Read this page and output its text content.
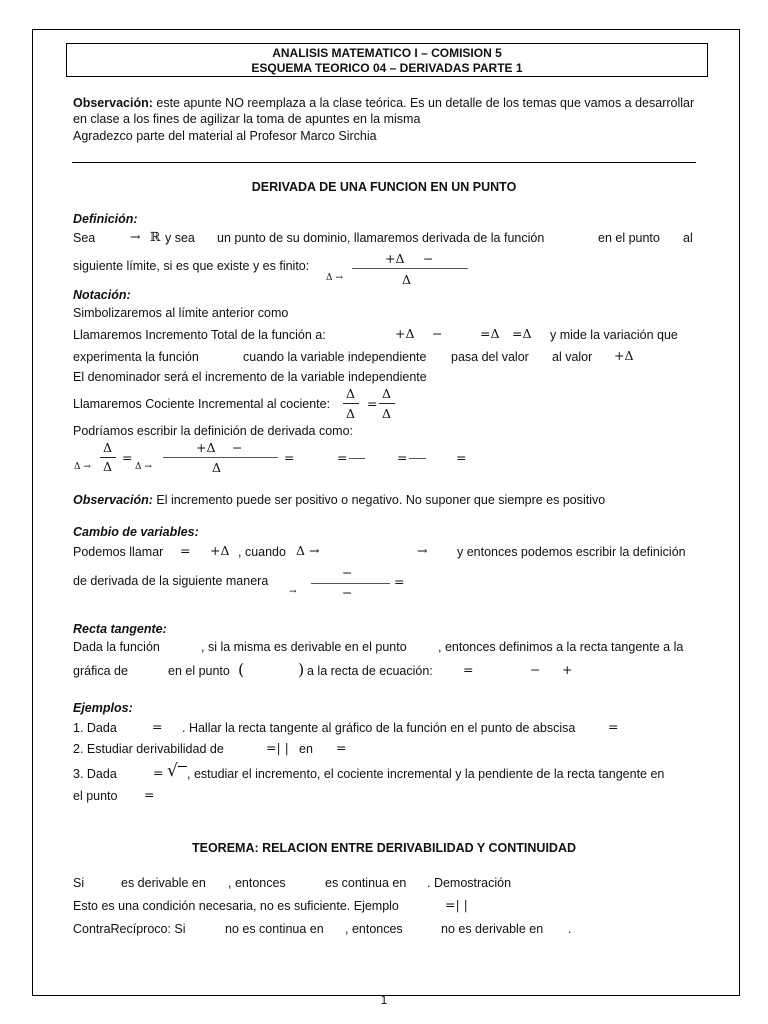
ANALISIS MATEMATICO I – COMISION 5
ESQUEMA TEORICO 04 – DERIVADAS PARTE 1
Observación: este apunte NO reemplaza a la clase teórica. Es un detalle de los temas que vamos a desarrollar
en clase a los fines de agilizar la toma de apuntes en la misma
Agradezco parte del material al Profesor Marco Sirchia
DERIVADA DE UNA FUNCION EN UN PUNTO
Definición:
Sea	→ ℝ y sea un punto de su dominio, llamaremos derivada de la función	en el punto al
siguiente límite, si es que existe y es finito:
Δ →
+Δ −
Δ
Notación:
Simbolizaremos al límite anterior como
Llamaremos Incremento Total de la función a:	+Δ −	=Δ =Δ y mide la variación que
experimenta la función	cuando la variable independiente pasa del valor al valor +Δ
El denominador será el incremento de la variable independiente
Llamaremos Cociente Incremental al cociente:
Δ
Δ
=
Δ
Δ
Podríamos escribir la definición de derivada como:
Δ →
Δ
Δ
=
Δ →
+Δ −
Δ
=	=	=	=
Observación: El incremento puede ser positivo o negativo. No suponer que siempre es positivo
Cambio de variables:
Podemos llamar = +Δ , cuando Δ →	→ y entonces podemos escribir la definición
de derivada de la siguiente manera
→
−
−
=
Recta tangente:
Dada la función	, si la misma es derivable en el punto	, entonces definimos a la recta tangente a la
gráfica de	en el punto (	) a la recta de ecuación: =	− +
Ejemplos:
1. Dada	= . Hallar la recta tangente al gráfico de la función en el punto de abscisa	=
2. Estudiar derivabilidad de	=| | en =
3. Dada	= √ , estudiar el incremento, el cociente incremental y la pendiente de la recta tangente en
el punto =
TEOREMA: RELACION ENTRE DERIVABILIDAD Y CONTINUIDAD
Si	es derivable en , entonces	es continua en . Demostración
Esto es una condición necesaria, no es suficiente. Ejemplo	=| |
ContraRecíproco: Si	no es continua en , entonces	no es derivable en .
1
